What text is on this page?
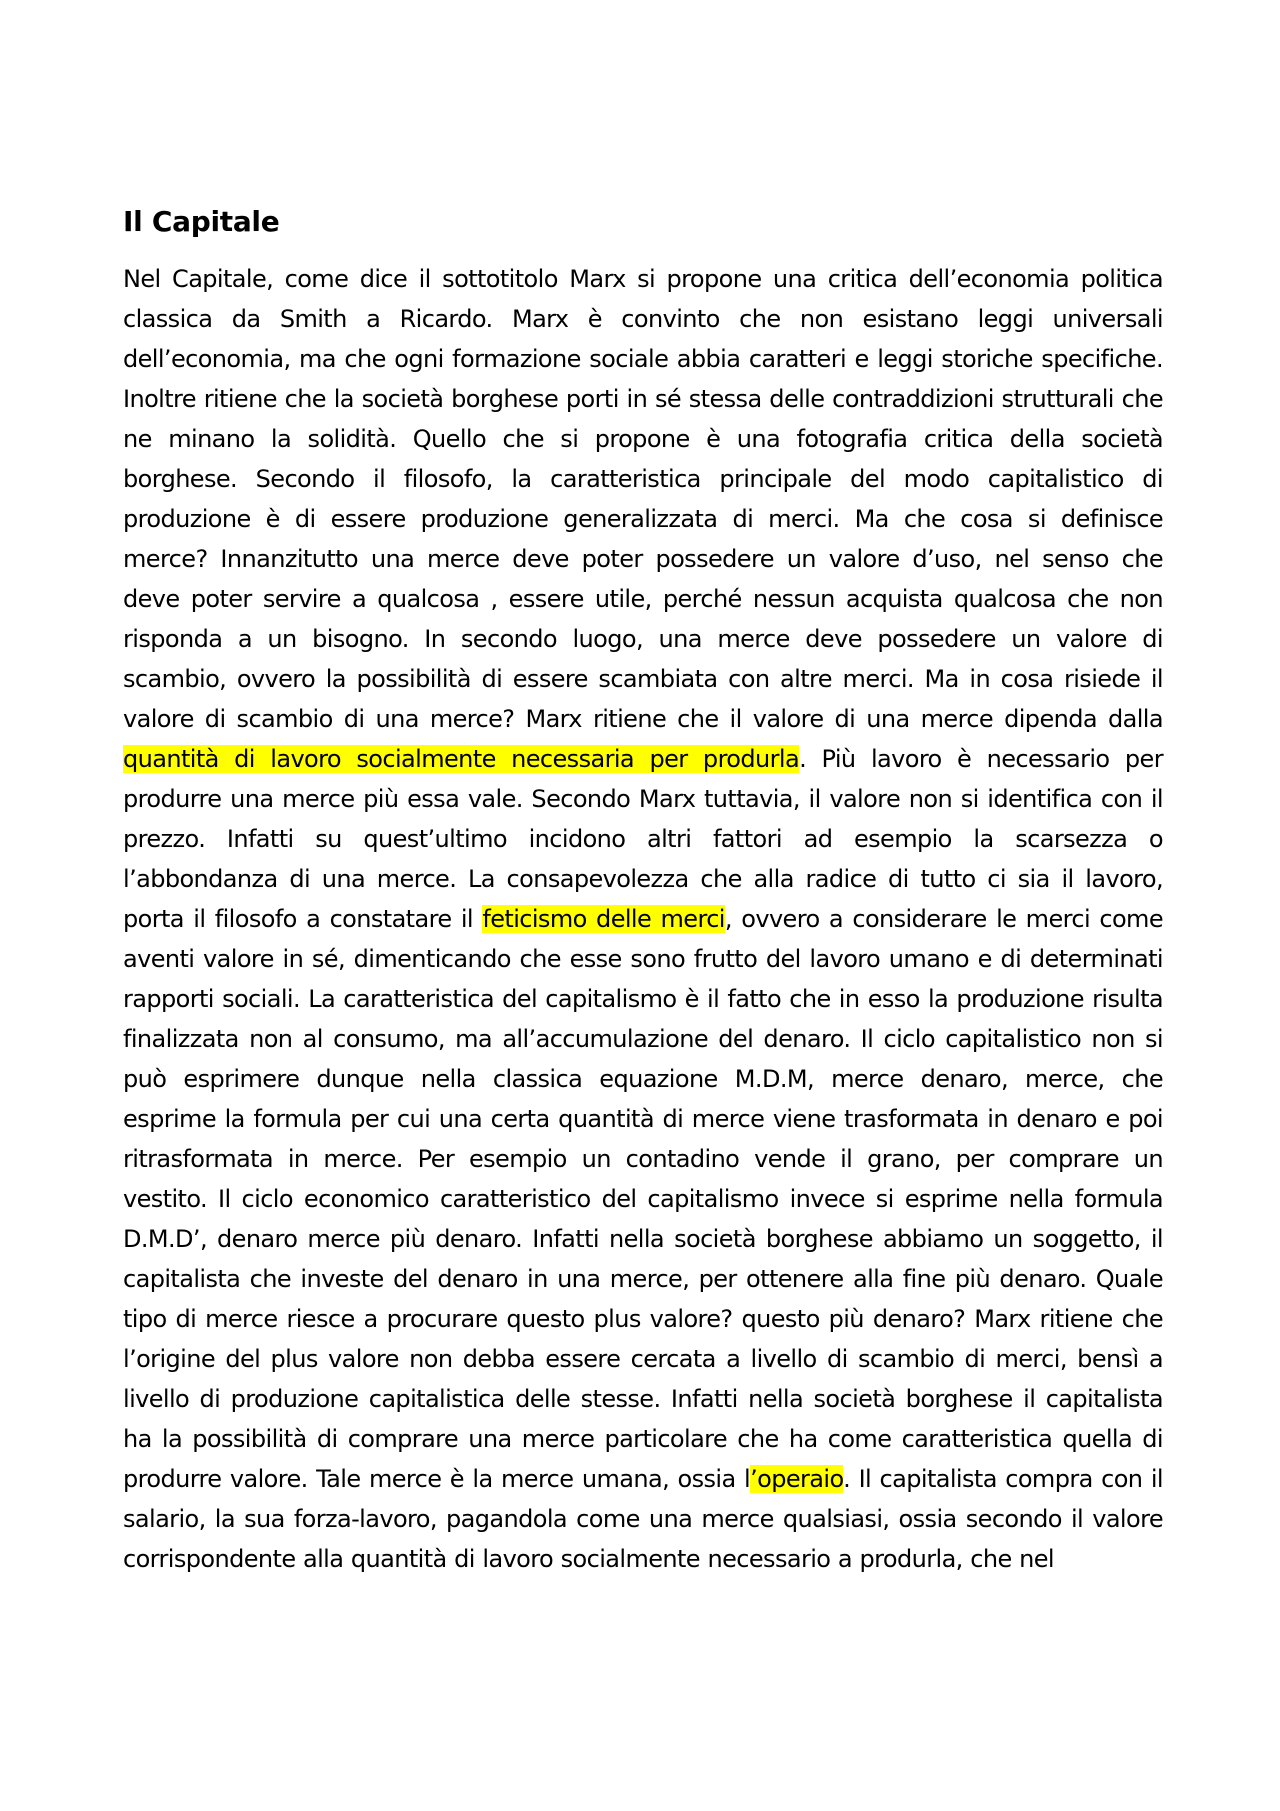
Il Capitale

Nel Capitale, come dice il sottotitolo Marx si propone una critica dell’economia politica classica da Smith a Ricardo. Marx è convinto che non esistano leggi universali dell’economia, ma che ogni formazione sociale abbia caratteri e leggi storiche specifiche. Inoltre ritiene che la società borghese porti in sé stessa delle contraddizioni strutturali che ne minano la solidità. Quello che si propone è una fotografia critica della società borghese. Secondo il filosofo, la caratteristica principale del modo capitalistico di produzione è di essere produzione generalizzata di merci. Ma che cosa si definisce merce? Innanzitutto una merce deve poter possedere un valore d’uso, nel senso che deve poter servire a qualcosa , essere utile, perché nessun acquista qualcosa che non risponda a un bisogno. In secondo luogo, una merce deve possedere un valore di scambio, ovvero la possibilità di essere scambiata con altre merci. Ma in cosa risiede il valore di scambio di una merce? Marx ritiene che il valore di una merce dipenda dalla quantità di lavoro socialmente necessaria per produrla. Più lavoro è necessario per produrre una merce più essa vale. Secondo Marx tuttavia, il valore non si identifica con il prezzo. Infatti su quest’ultimo incidono altri fattori ad esempio la scarsezza o l’abbondanza di una merce. La consapevolezza che alla radice di tutto ci sia il lavoro, porta il filosofo a constatare il feticismo delle merci, ovvero a considerare le merci come aventi valore in sé, dimenticando che esse sono frutto del lavoro umano e di determinati rapporti sociali. La caratteristica del capitalismo è il fatto che in esso la produzione risulta finalizzata non al consumo, ma all’accumulazione del denaro. Il ciclo capitalistico non si può esprimere dunque nella classica equazione M.D.M, merce denaro, merce, che esprime la formula per cui una certa quantità di merce viene trasformata in denaro e poi ritrasformata in merce. Per esempio un contadino vende il grano, per comprare un vestito. Il ciclo economico caratteristico del capitalismo invece si esprime nella formula D.M.D’, denaro merce più denaro. Infatti nella società borghese abbiamo un soggetto, il capitalista che investe del denaro in una merce, per ottenere alla fine più denaro. Quale tipo di merce riesce a procurare questo plus valore? questo più denaro? Marx ritiene che l’origine del plus valore non debba essere cercata a livello di scambio di merci, bensì a livello di produzione capitalistica delle stesse. Infatti nella società borghese il capitalista ha la possibilità di comprare una merce particolare che ha come caratteristica quella di produrre valore. Tale merce è la merce umana, ossia l’operaio. Il capitalista compra con il salario, la sua forza-lavoro, pagandola come una merce qualsiasi, ossia secondo il valore corrispondente alla quantità di lavoro socialmente necessario a produrla, che nel
